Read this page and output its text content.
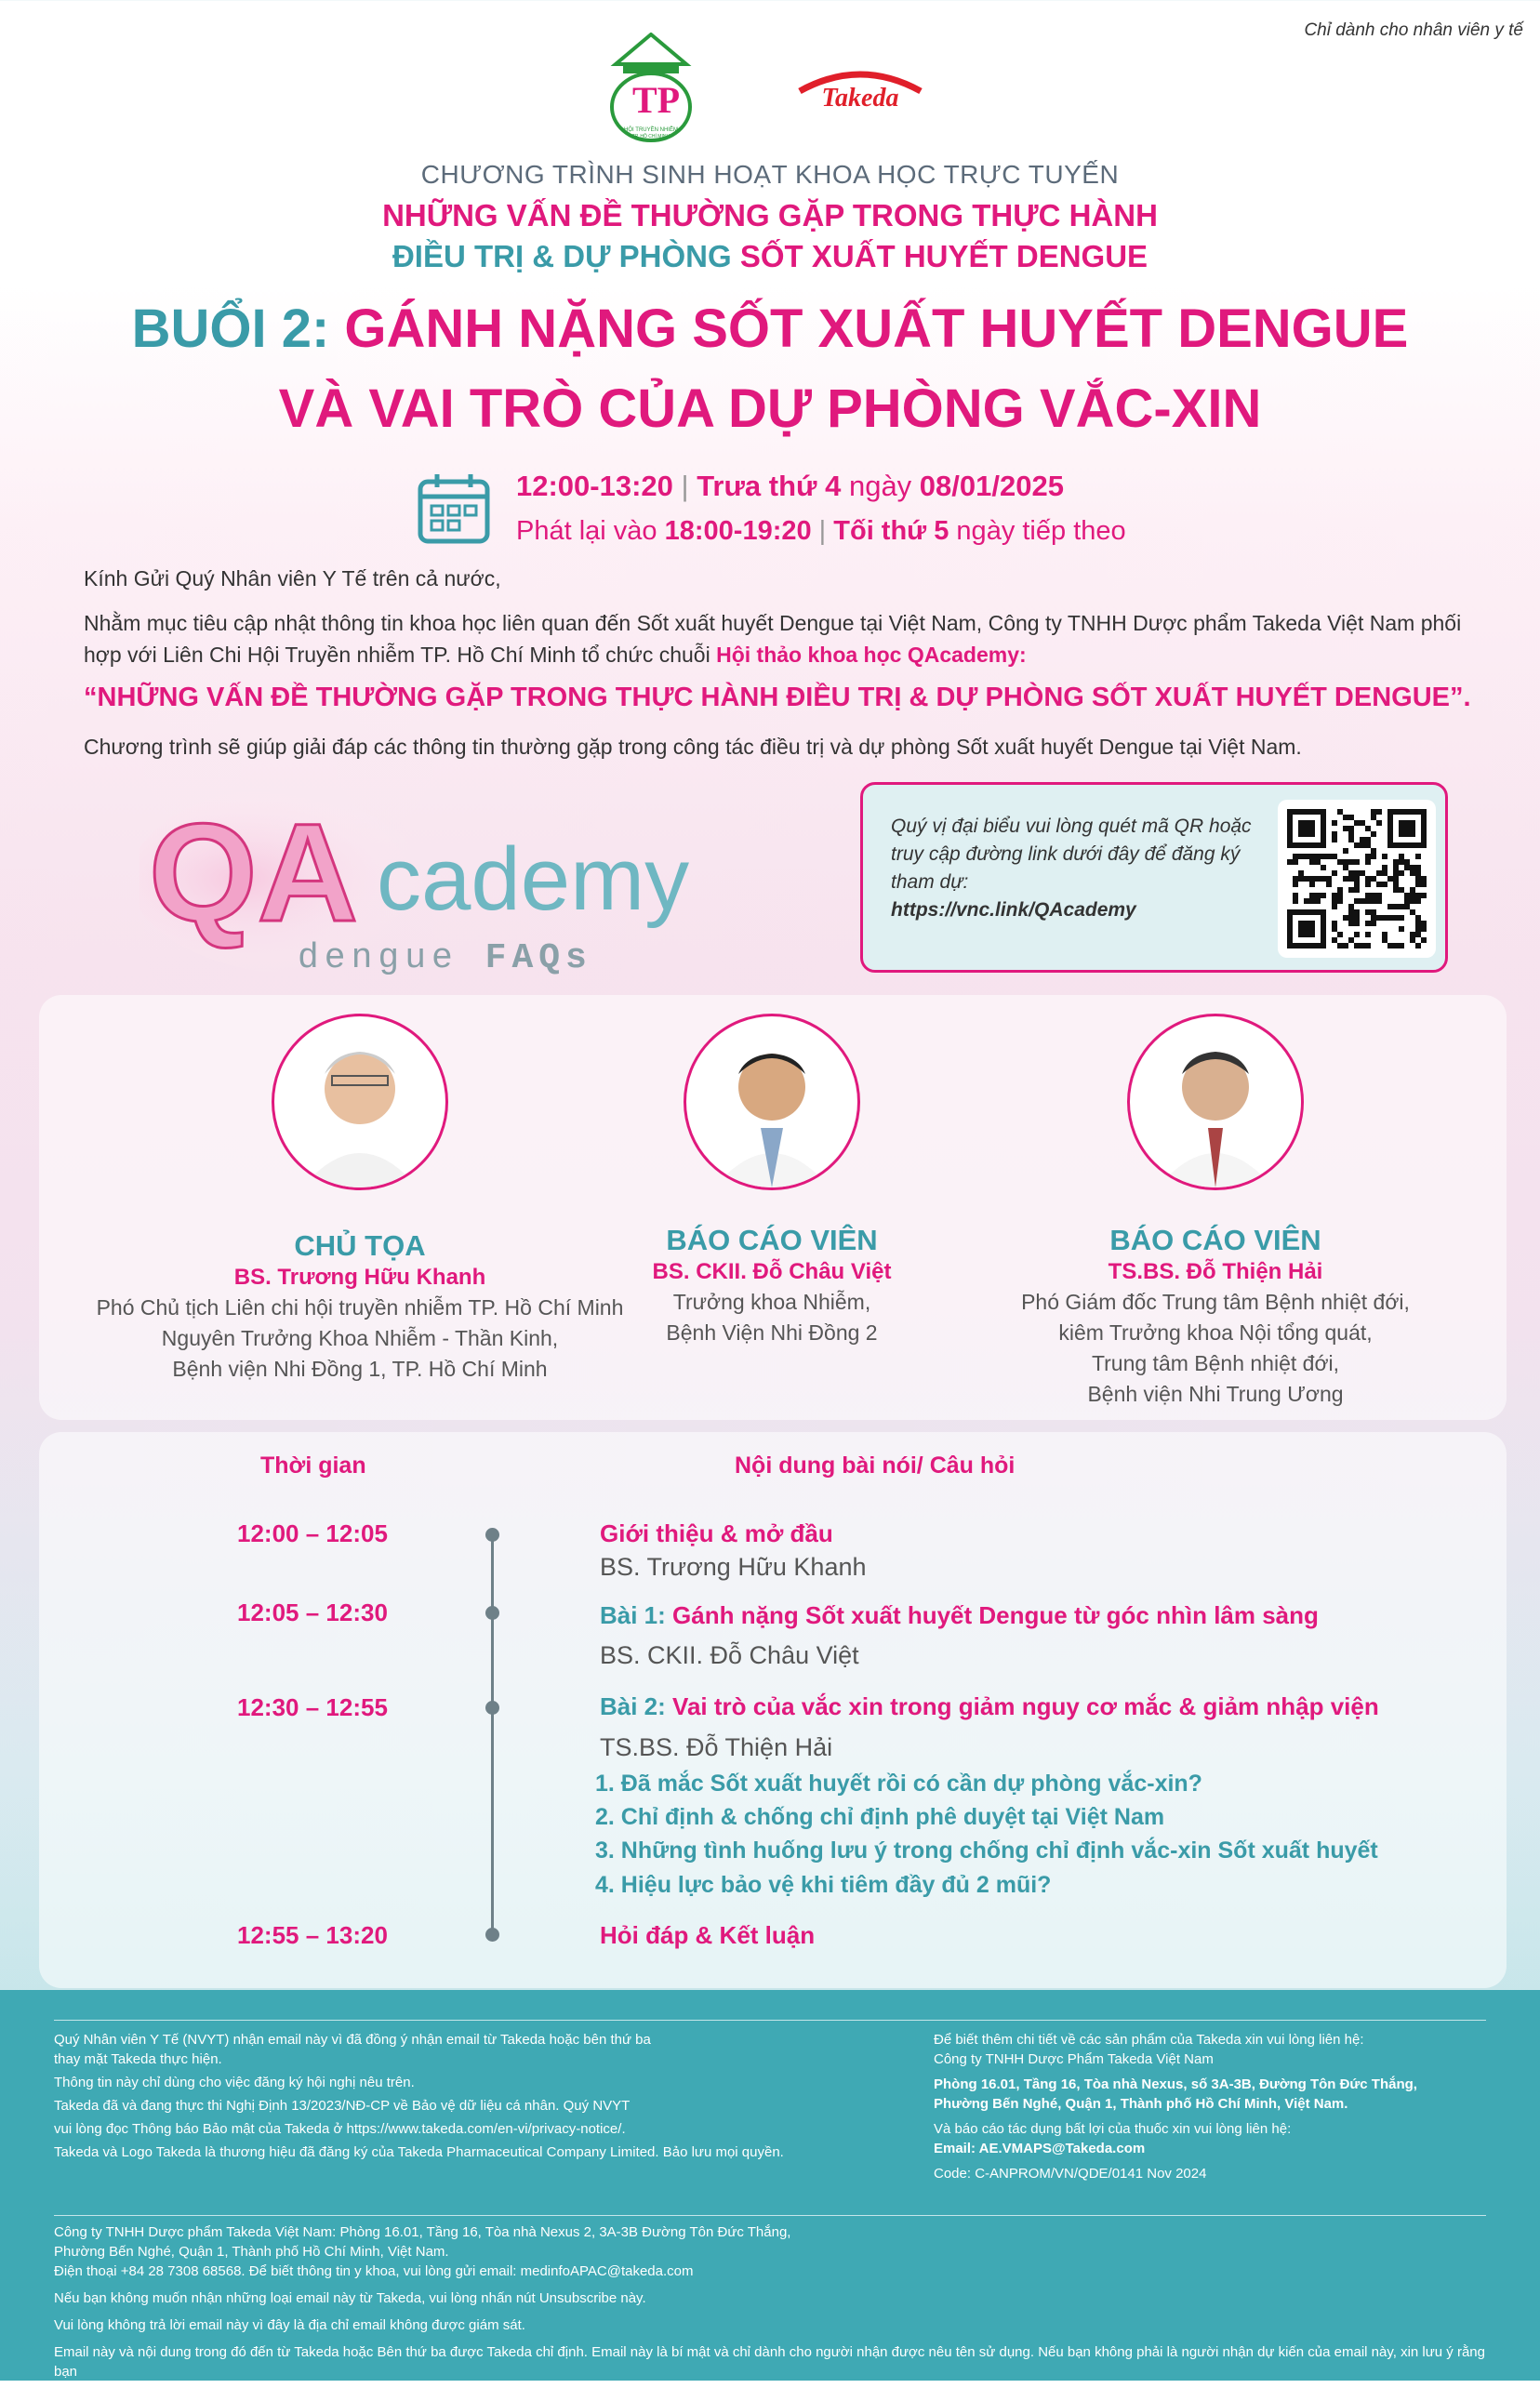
Chỉ dành cho nhân viên y tế
TP
HỘI TRUYỀN NHIỄM
TP. HỒ CHÍ MINH
Takeda
CHƯƠNG TRÌNH SINH HOẠT KHOA HỌC TRỰC TUYẾN
NHỮNG VẤN ĐỀ THƯỜNG GẶP TRONG THỰC HÀNH
ĐIỀU TRỊ & DỰ PHÒNG SỐT XUẤT HUYẾT DENGUE
BUỔI 2: GÁNH NẶNG SỐT XUẤT HUYẾT DENGUE
VÀ VAI TRÒ CỦA DỰ PHÒNG VẮC-XIN
12:00-13:20 | Trưa thứ 4 ngày 08/01/2025
Phát lại vào 18:00-19:20 | Tối thứ 5 ngày tiếp theo
Kính Gửi Quý Nhân viên Y Tế trên cả nước,
Nhằm mục tiêu cập nhật thông tin khoa học liên quan đến Sốt xuất huyết Dengue tại Việt Nam, Công ty TNHH Dược phẩm Takeda Việt Nam phối hợp với Liên Chi Hội Truyền nhiễm TP. Hồ Chí Minh tổ chức chuỗi Hội thảo khoa học QAcademy:
“NHỮNG VẤN ĐỀ THƯỜNG GẶP TRONG THỰC HÀNH ĐIỀU TRỊ & DỰ PHÒNG SỐT XUẤT HUYẾT DENGUE”.
Chương trình sẽ giúp giải đáp các thông tin thường gặp trong công tác điều trị và dự phòng Sốt xuất huyết Dengue tại Việt Nam.
QA cademy
dengue FAQs
Quý vị đại biểu vui lòng quét mã QR hoặc truy cập đường link dưới đây để đăng ký tham dự:
https://vnc.link/QAcademy
CHỦ TỌA
BS. Trương Hữu Khanh
Phó Chủ tịch Liên chi hội truyền nhiễm TP. Hồ Chí Minh
Nguyên Trưởng Khoa Nhiễm - Thần Kinh,
Bệnh viện Nhi Đồng 1, TP. Hồ Chí Minh
BÁO CÁO VIÊN
BS. CKII. Đỗ Châu Việt
Trưởng khoa Nhiễm,
Bệnh Viện Nhi Đồng 2
BÁO CÁO VIÊN
TS.BS. Đỗ Thiện Hải
Phó Giám đốc Trung tâm Bệnh nhiệt đới,
kiêm Trưởng khoa Nội tổng quát,
Trung tâm Bệnh nhiệt đới,
Bệnh viện Nhi Trung Ương
Thời gian	Nội dung bài nói/ Câu hỏi
12:00 – 12:05	Giới thiệu & mở đầu
BS. Trương Hữu Khanh
12:05 – 12:30	Bài 1: Gánh nặng Sốt xuất huyết Dengue từ góc nhìn lâm sàng
BS. CKII. Đỗ Châu Việt
12:30 – 12:55	Bài 2: Vai trò của vắc xin trong giảm nguy cơ mắc & giảm nhập viện
TS.BS. Đỗ Thiện Hải
1. Đã mắc Sốt xuất huyết rồi có cần dự phòng vắc-xin?
2. Chỉ định & chống chỉ định phê duyệt tại Việt Nam
3. Những tình huống lưu ý trong chống chỉ định vắc-xin Sốt xuất huyết
4. Hiệu lực bảo vệ khi tiêm đầy đủ 2 mũi?
12:55 – 13:20	Hỏi đáp & Kết luận
Quý Nhân viên Y Tế (NVYT) nhận email này vì đã đồng ý nhận email từ Takeda hoặc bên thứ ba
thay mặt Takeda thực hiện.
Thông tin này chỉ dùng cho việc đăng ký hội nghị nêu trên.
Takeda đã và đang thực thi Nghị Định 13/2023/NĐ-CP về Bảo vệ dữ liệu cá nhân. Quý NVYT
vui lòng đọc Thông báo Bảo mật của Takeda ở https://www.takeda.com/en-vi/privacy-notice/.
Takeda và Logo Takeda là thương hiệu đã đăng ký của Takeda Pharmaceutical Company Limited. Bảo lưu mọi quyền.
Để biết thêm chi tiết về các sản phẩm của Takeda xin vui lòng liên hệ:
Công ty TNHH Dược Phẩm Takeda Việt Nam
Phòng 16.01, Tầng 16, Tòa nhà Nexus, số 3A-3B, Đường Tôn Đức Thắng,
Phường Bến Nghé, Quận 1, Thành phố Hồ Chí Minh, Việt Nam.
Và báo cáo tác dụng bất lợi của thuốc xin vui lòng liên hệ:
Email: AE.VMAPS@Takeda.com
Code: C-ANPROM/VN/QDE/0141 Nov 2024
Công ty TNHH Dược phẩm Takeda Việt Nam: Phòng 16.01, Tầng 16, Tòa nhà Nexus 2, 3A-3B Đường Tôn Đức Thắng,
Phường Bến Nghé, Quận 1, Thành phố Hồ Chí Minh, Việt Nam.
Điện thoại +84 28 7308 68568. Để biết thông tin y khoa, vui lòng gửi email: medinfoAPAC@takeda.com
Nếu bạn không muốn nhận những loại email này từ Takeda, vui lòng nhấn nút Unsubscribe này.
Vui lòng không trả lời email này vì đây là địa chỉ email không được giám sát.
Email này và nội dung trong đó đến từ Takeda hoặc Bên thứ ba được Takeda chỉ định. Email này là bí mật và chỉ dành cho người nhận được nêu tên sử dụng. Nếu bạn không phải là người nhận dự kiến của email này, xin lưu ý rằng bạn
không được giữ lại, sử dụng, sao chép, chuyển tiếp, phân phối hoặc hành động dựa vào bất kỳ hoặc toàn bộ nội dung trong đây.
